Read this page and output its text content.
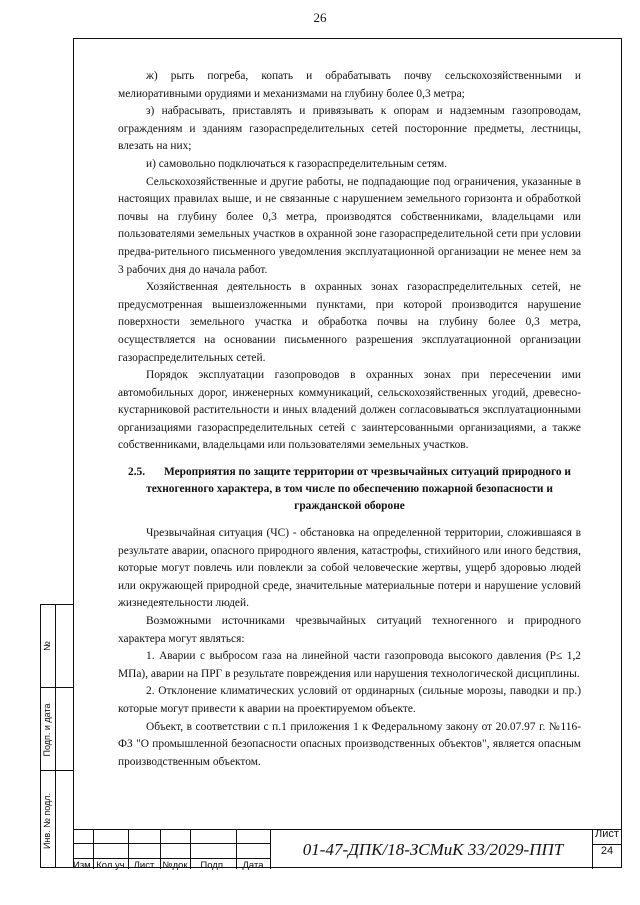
26

ж) рыть погреба, копать и обрабатывать почву сельскохозяйственными и мелиоративными орудиями и механизмами на глубину более 0,3 метра;

з) набрасывать, приставлять и привязывать к опорам и надземным газопроводам, ограждениям и зданиям газораспределительных сетей посторонние предметы, лестницы, влезать на них;

и) самовольно подключаться к газораспределительным сетям.

Сельскохозяйственные и другие работы, не подпадающие под ограничения, указанные в настоящих правилах выше, и не связанные с нарушением земельного горизонта и обработкой почвы на глубину более 0,3 метра, производятся собственниками, владельцами или пользователями земельных участков в охранной зоне газораспределительной сети при условии предва-рительного письменного уведомления эксплуатационной организации не менее нем за 3 рабочих дня до начала работ.

Хозяйственная деятельность в охранных зонах газораспределительных сетей, не предусмотренная вышеизложенными пунктами, при которой производится нарушение поверхности земельного участка и обработка почвы на глубину более 0,3 метра, осуществляется на основании письменного разрешения эксплуатационной организации газораспределительных сетей.

Порядок эксплуатации газопроводов в охранных зонах при пересечении ими автомобильных дорог, инженерных коммуникаций, сельскохозяйственных угодий, древесно-кустарниковой растительности и иных владений должен согласовываться эксплуатационными организациями газораспределительных сетей с заинтерсованными организациями, а также собственниками, владельцами или пользователями земельных участков.

2.5. Мероприятия по защите территории от чрезвычайных ситуаций природного и техногенного характера, в том числе по обеспечению пожарной безопасности и гражданской обороне

Чрезвычайная ситуация (ЧС) - обстановка на определенной территории, сложившаяся в результате аварии, опасного природного явления, катастрофы, стихийного или иного бедствия, которые могут повлечь или повлекли за собой человеческие жертвы, ущерб здоровью людей или окружающей природной среде, значительные материальные потери и нарушение условий жизнедеятельности людей.

Возможными источниками чрезвычайных ситуаций техногенного и природного характера могут являться:

1. Аварии с выбросом газа на линейной части газопровода высокого давления (Р≤ 1,2 МПа), аварии на ПРГ в результате повреждения или нарушения технологической дисциплины.

2. Отклонение климатических условий от ординарных (сильные морозы, паводки и пр.) которые могут привести к аварии на проектируемом объекте.

Объект, в соответствии с п.1 приложения 1 к Федеральному закону от 20.07.97 г. №116-ФЗ "О промышленной безопасности опасных производственных объектов", является опасным производственным объектом.

Инв. № подл.
Подп. и дата
№
Изм. Кол.уч Лист №док	Подп.	Дата
01-47-ДПК/18-ЗСМиК 33/2029-ППТ
Лист
24
